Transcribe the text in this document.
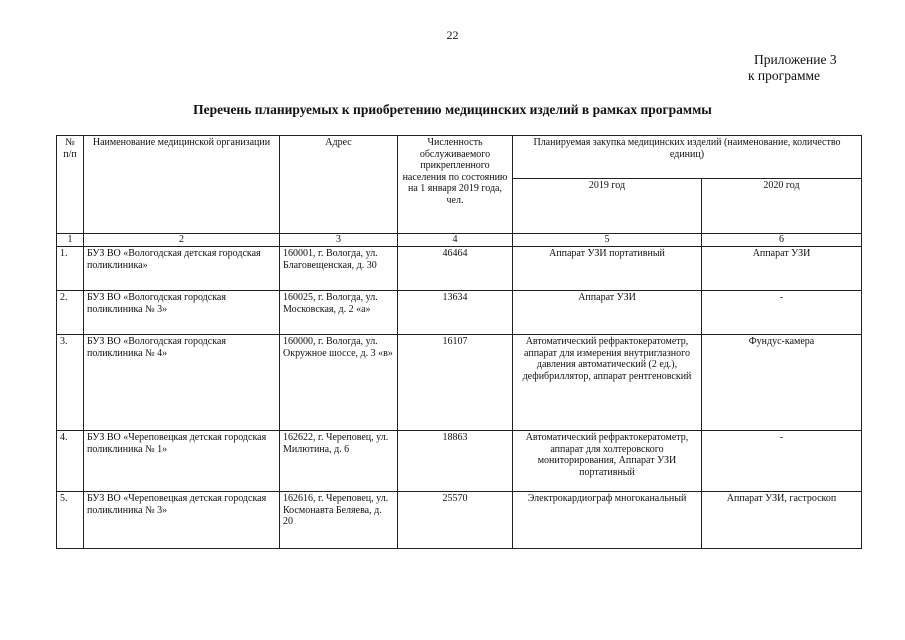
22
Приложение 3
к программе
Перечень планируемых к приобретению медицинских изделий в рамках программы
№ п/п	Наименование медицинской организации	Адрес	Численность обслуживаемого прикрепленного населения по состоянию на 1 января 2019 года, чел.	Планируемая закупка медицинских изделий (наименование, количество единиц)	
				2019 год	2020 год
1	2	3	4	5	6
1.	БУЗ ВО «Вологодская детская городская поликлиника»	160001, г. Вологда, ул. Благовещенская, д. 30	46464	Аппарат УЗИ портативный	Аппарат УЗИ
2.	БУЗ ВО «Вологодская городская поликлиника № 3»	160025, г. Вологда, ул. Московская, д. 2 «а»	13634	Аппарат УЗИ	-
3.	БУЗ ВО «Вологодская городская поликлиника № 4»	160000, г. Вологда, ул. Окружное шоссе, д. 3 «в»	16107	Автоматический рефрактокератометр, аппарат для измерения внутриглазного давления автоматический (2 ед.), дефибриллятор, аппарат рентгеновский	Фундус-камера
4.	БУЗ ВО «Череповецкая детская городская поликлиника № 1»	162622, г. Череповец, ул. Милютина, д. 6	18863	Автоматический рефрактокератометр, аппарат для холтеровского мониторирования, Аппарат УЗИ портативный	-
5.	БУЗ ВО «Череповецкая детская городская поликлиника № 3»	162616, г. Череповец, ул. Космонавта Беляева, д. 20	25570	Электрокардиограф многоканальный	Аппарат УЗИ, гастроскоп
